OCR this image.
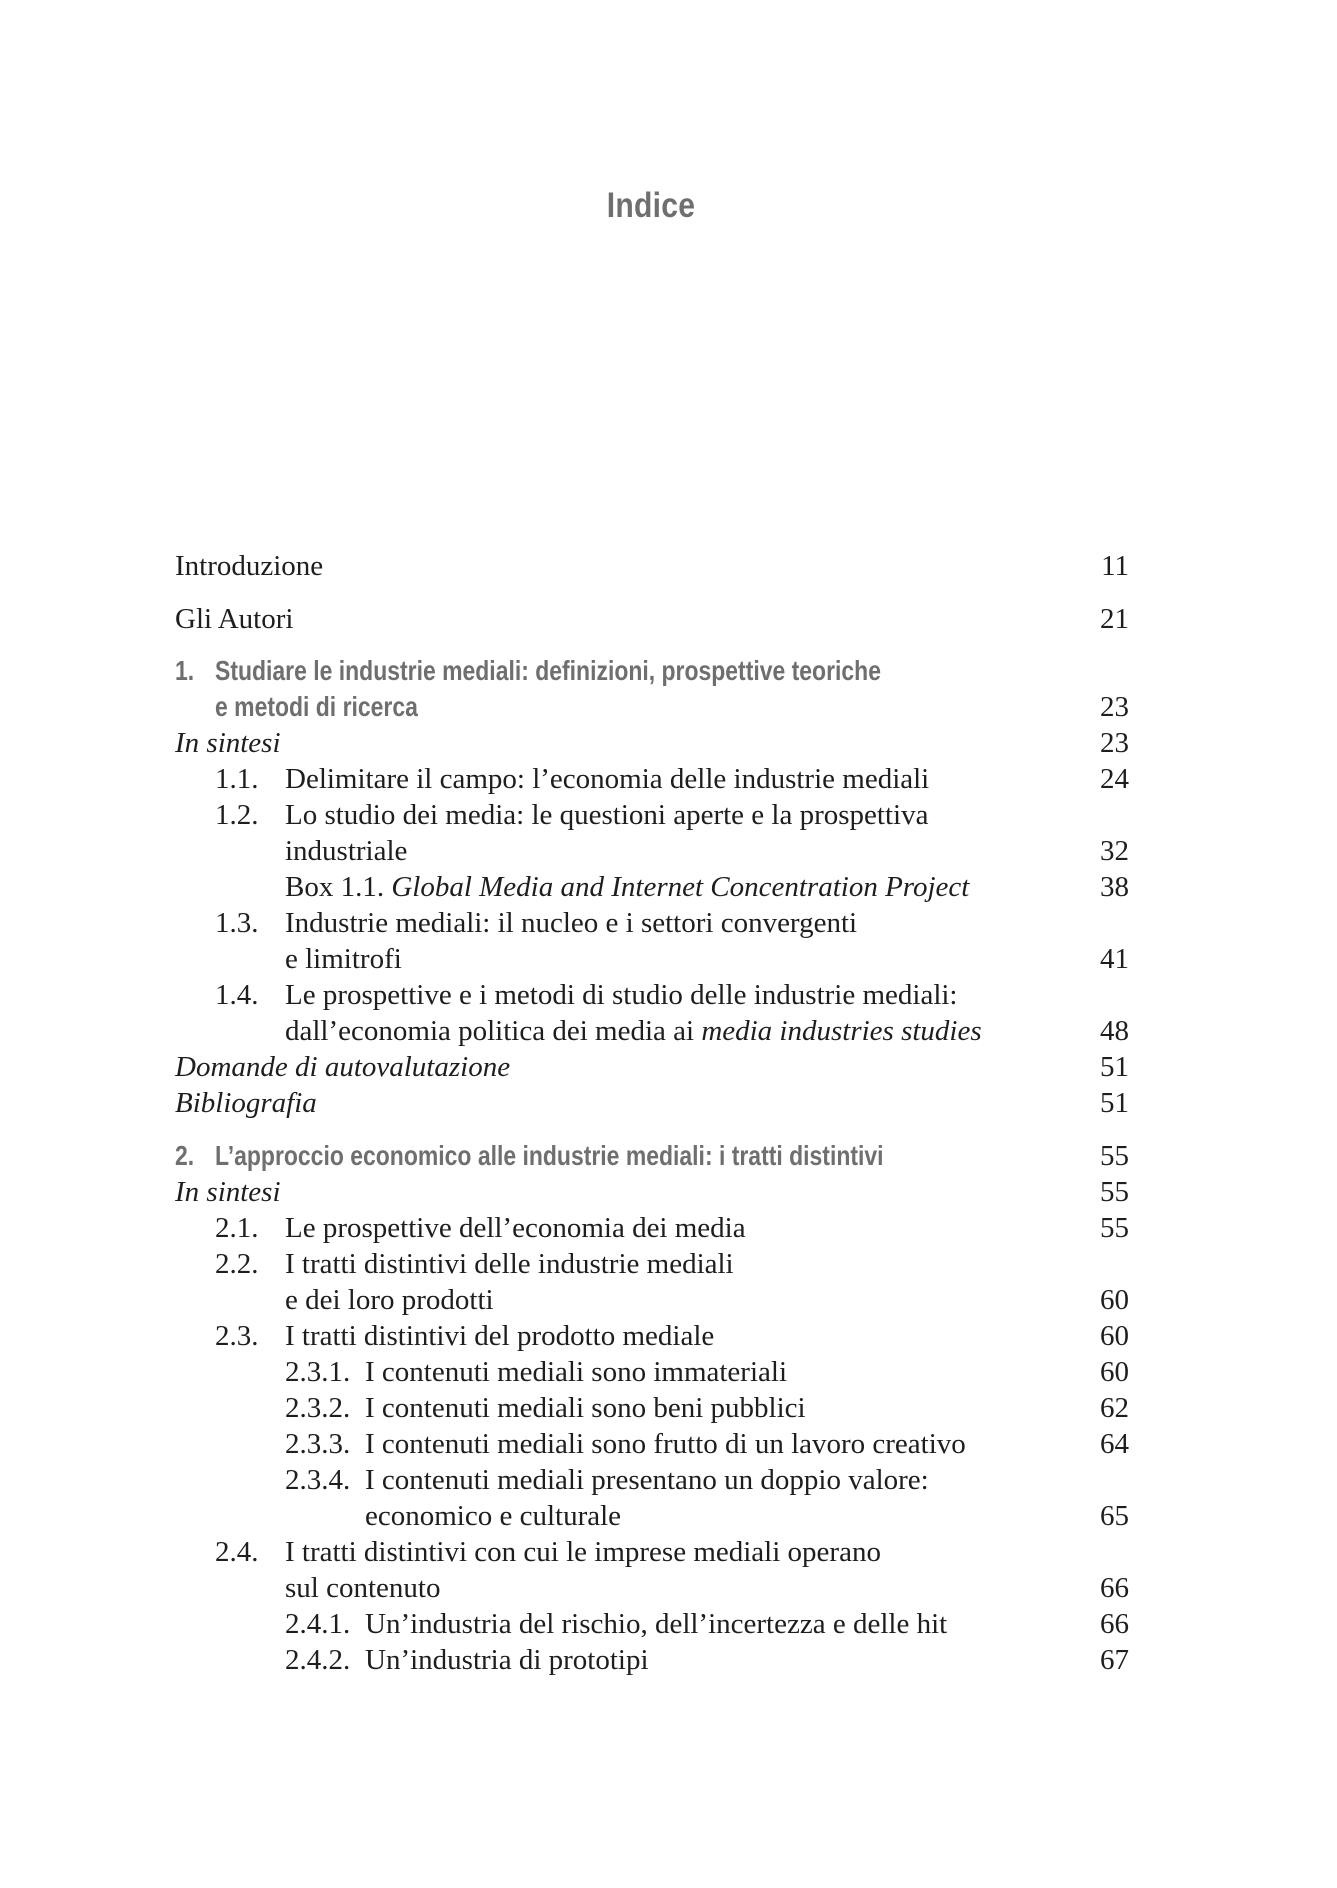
Indice
Introduzione	11
Gli Autori	21
1. Studiare le industrie mediali: definizioni, prospettive teoriche
e metodi di ricerca	23
In sintesi	23
1.1. Delimitare il campo: l’economia delle industrie mediali	24
1.2. Lo studio dei media: le questioni aperte e la prospettiva
industriale	32
Box 1.1. Global Media and Internet Concentration Project	38
1.3. Industrie mediali: il nucleo e i settori convergenti
e limitrofi	41
1.4. Le prospettive e i metodi di studio delle industrie mediali:
dall’economia politica dei media ai media industries studies	48
Domande di autovalutazione	51
Bibliografia	51
2. L’approccio economico alle industrie mediali: i tratti distintivi	55
In sintesi	55
2.1. Le prospettive dell’economia dei media	55
2.2. I tratti distintivi delle industrie mediali
e dei loro prodotti	60
2.3. I tratti distintivi del prodotto mediale	60
2.3.1. I contenuti mediali sono immateriali	60
2.3.2. I contenuti mediali sono beni pubblici	62
2.3.3. I contenuti mediali sono frutto di un lavoro creativo	64
2.3.4. I contenuti mediali presentano un doppio valore:
economico e culturale	65
2.4. I tratti distintivi con cui le imprese mediali operano
sul contenuto	66
2.4.1. Un’industria del rischio, dell’incertezza e delle hit	66
2.4.2. Un’industria di prototipi	67
